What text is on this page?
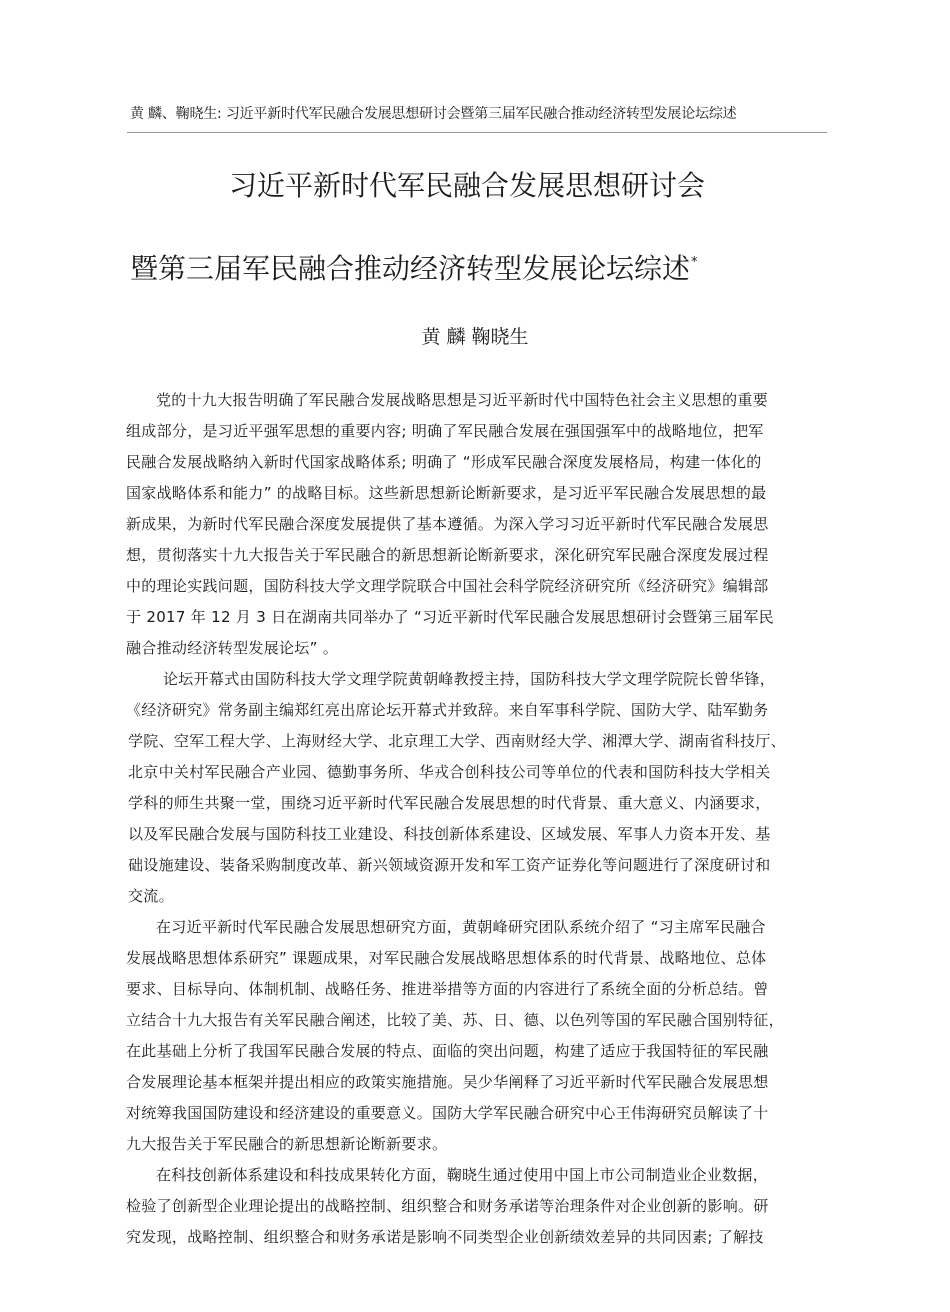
黄 麟、鞠晓生: 习近平新时代军民融合发展思想研讨会暨第三届军民融合推动经济转型发展论坛综述
习近平新时代军民融合发展思想研讨会
暨第三届军民融合推动经济转型发展论坛综述*
黄 麟 鞠晓生
党的十九大报告明确了军民融合发展战略思想是习近平新时代中国特色社会主义思想的重要
组成部分，是习近平强军思想的重要内容; 明确了军民融合发展在强国强军中的战略地位，把军
民融合发展战略纳入新时代国家战略体系; 明确了 “形成军民融合深度发展格局，构建一体化的
国家战略体系和能力” 的战略目标。这些新思想新论断新要求，是习近平军民融合发展思想的最
新成果，为新时代军民融合深度发展提供了基本遵循。为深入学习习近平新时代军民融合发展思
想，贯彻落实十九大报告关于军民融合的新思想新论断新要求，深化研究军民融合深度发展过程
中的理论实践问题，国防科技大学文理学院联合中国社会科学院经济研究所《经济研究》编辑部
于 2017 年 12 月 3 日在湖南共同举办了 “习近平新时代军民融合发展思想研讨会暨第三届军民
融合推动经济转型发展论坛” 。
论坛开幕式由国防科技大学文理学院黄朝峰教授主持，国防科技大学文理学院院长曾华锋，
《经济研究》常务副主编郑红亮出席论坛开幕式并致辞。来自军事科学院、国防大学、陆军勤务
学院、空军工程大学、上海财经大学、北京理工大学、西南财经大学、湘潭大学、湖南省科技厅、
北京中关村军民融合产业园、德勤事务所、华戎合创科技公司等单位的代表和国防科技大学相关
学科的师生共聚一堂，围绕习近平新时代军民融合发展思想的时代背景、重大意义、内涵要求，
以及军民融合发展与国防科技工业建设、科技创新体系建设、区域发展、军事人力资本开发、基
础设施建设、装备采购制度改革、新兴领域资源开发和军工资产证券化等问题进行了深度研讨和
交流。
在习近平新时代军民融合发展思想研究方面，黄朝峰研究团队系统介绍了 “习主席军民融合
发展战略思想体系研究” 课题成果，对军民融合发展战略思想体系的时代背景、战略地位、总体
要求、目标导向、体制机制、战略任务、推进举措等方面的内容进行了系统全面的分析总结。曾
立结合十九大报告有关军民融合阐述，比较了美、苏、日、德、以色列等国的军民融合国别特征，
在此基础上分析了我国军民融合发展的特点、面临的突出问题，构建了适应于我国特征的军民融
合发展理论基本框架并提出相应的政策实施措施。吴少华阐释了习近平新时代军民融合发展思想
对统筹我国国防建设和经济建设的重要意义。国防大学军民融合研究中心王伟海研究员解读了十
九大报告关于军民融合的新思想新论断新要求。
在科技创新体系建设和科技成果转化方面，鞠晓生通过使用中国上市公司制造业企业数据，
检验了创新型企业理论提出的战略控制、组织整合和财务承诺等治理条件对企业创新的影响。研
究发现，战略控制、组织整合和财务承诺是影响不同类型企业创新绩效差异的共同因素; 了解技
